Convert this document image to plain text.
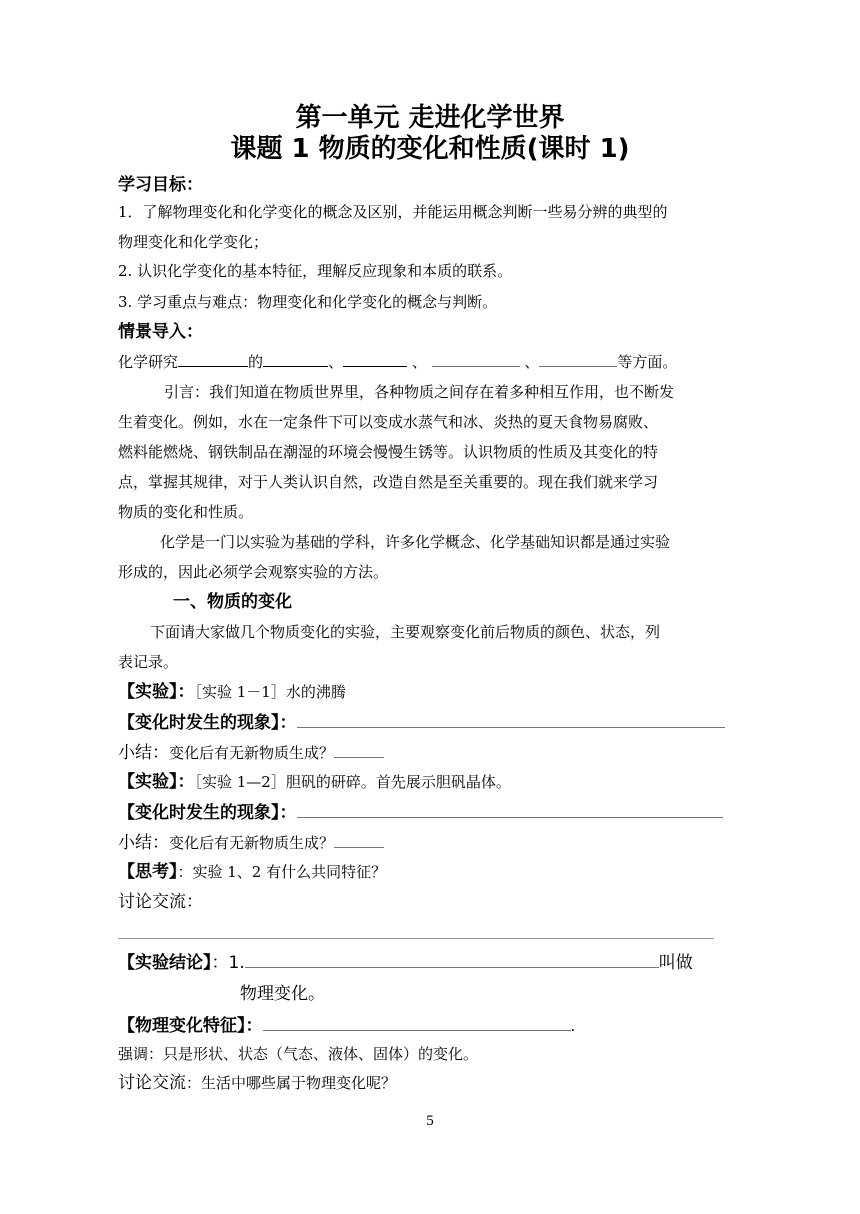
第一单元 走进化学世界
课题 1 物质的变化和性质(课时 1)
学习目标：
1．了解物理变化和化学变化的概念及区别，并能运用概念判断一些易分辨的典型的
物理变化和化学变化；
2. 认识化学变化的基本特征，理解反应现象和本质的联系。
3. 学习重点与难点：物理变化和化学变化的概念与判断。
情景导入：
化学研究	的	、	、	、	等方面。
引言：我们知道在物质世界里，各种物质之间存在着多种相互作用，也不断发
生着变化。例如，水在一定条件下可以变成水蒸气和冰、炎热的夏天食物易腐败、
燃料能燃烧、钢铁制品在潮湿的环境会慢慢生锈等。认识物质的性质及其变化的特
点，掌握其规律，对于人类认识自然，改造自然是至关重要的。现在我们就来学习
物质的变化和性质。
化学是一门以实验为基础的学科，许多化学概念、化学基础知识都是通过实验
形成的，因此必须学会观察实验的方法。
一、物质的变化
下面请大家做几个物质变化的实验，主要观察变化前后物质的颜色、状态，列
表记录。
【实验】：［实验 1－1］水的沸腾
【变化时发生的现象】：
小结：变化后有无新物质生成？
【实验】：［实验 1—2］胆矾的研碎。首先展示胆矾晶体。
【变化时发生的现象】：
小结：变化后有无新物质生成？
【思考】：实验 1、2 有什么共同特征？
讨论交流：
【实验结论】：1.	叫做
物理变化。
【物理变化特征】：	.
强调：只是形状、状态（气态、液体、固体）的变化。
讨论交流：生活中哪些属于物理变化呢？
5
